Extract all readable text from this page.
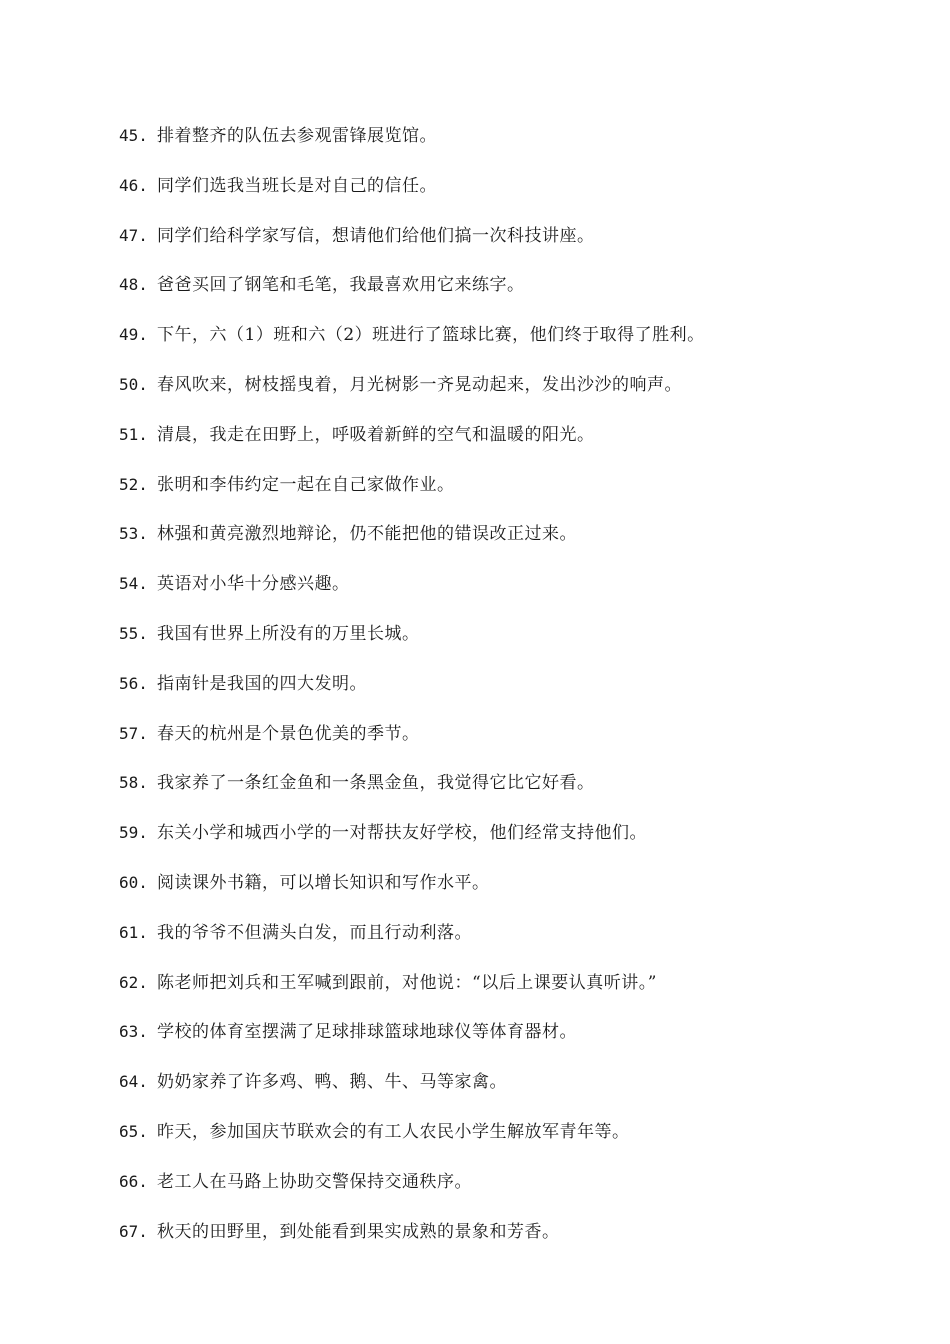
45. 排着整齐的队伍去参观雷锋展览馆。
46. 同学们选我当班长是对自己的信任。
47. 同学们给科学家写信，想请他们给他们搞一次科技讲座。
48. 爸爸买回了钢笔和毛笔，我最喜欢用它来练字。
49. 下午，六（1）班和六（2）班进行了篮球比赛，他们终于取得了胜利。
50. 春风吹来，树枝摇曳着，月光树影一齐晃动起来，发出沙沙的响声。
51. 清晨，我走在田野上，呼吸着新鲜的空气和温暖的阳光。
52. 张明和李伟约定一起在自己家做作业。
53. 林强和黄亮激烈地辩论，仍不能把他的错误改正过来。
54. 英语对小华十分感兴趣。
55. 我国有世界上所没有的万里长城。
56. 指南针是我国的四大发明。
57. 春天的杭州是个景色优美的季节。
58. 我家养了一条红金鱼和一条黑金鱼，我觉得它比它好看。
59. 东关小学和城西小学的一对帮扶友好学校，他们经常支持他们。
60. 阅读课外书籍，可以增长知识和写作水平。
61. 我的爷爷不但满头白发，而且行动利落。
62. 陈老师把刘兵和王军喊到跟前，对他说：“以后上课要认真听讲。”
63. 学校的体育室摆满了足球排球篮球地球仪等体育器材。
64. 奶奶家养了许多鸡、鸭、鹅、牛、马等家禽。
65. 昨天，参加国庆节联欢会的有工人农民小学生解放军青年等。
66. 老工人在马路上协助交警保持交通秩序。
67. 秋天的田野里，到处能看到果实成熟的景象和芳香。
